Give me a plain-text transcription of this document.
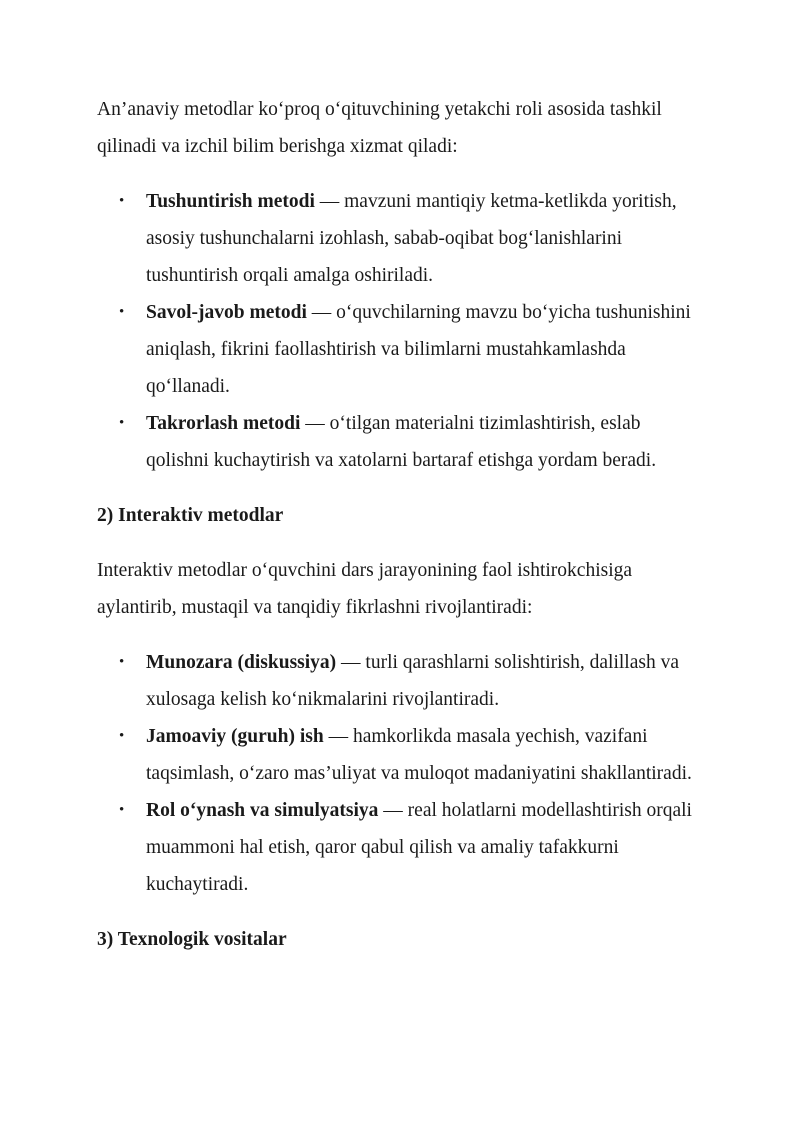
An’anaviy metodlar ko‘proq o‘qituvchining yetakchi roli asosida tashkil qilinadi va izchil bilim berishga xizmat qiladi:

• Tushuntirish metodi — mavzuni mantiqiy ketma-ketlikda yoritish, asosiy tushunchalarni izohlash, sabab-oqibat bog‘lanishlarini tushuntirish orqali amalga oshiriladi.
• Savol-javob metodi — o‘quvchilarning mavzu bo‘yicha tushunishini aniqlash, fikrini faollashtirish va bilimlarni mustahkamlashda qo‘llanadi.
• Takrorlash metodi — o‘tilgan materialni tizimlashtirish, eslab qolishni kuchaytirish va xatolarni bartaraf etishga yordam beradi.
2) Interaktiv metodlar

Interaktiv metodlar o‘quvchini dars jarayonining faol ishtirokchisiga aylantirib, mustaqil va tanqidiy fikrlashni rivojlantiradi:

• Munozara (diskussiya) — turli qarashlarni solishtirish, dalillash va xulosaga kelish ko‘nikmalarini rivojlantiradi.
• Jamoaviy (guruh) ish — hamkorlikda masala yechish, vazifani taqsimlash, o‘zaro mas’uliyat va muloqot madaniyatini shakllantiradi.
• Rol o‘ynash va simulyatsiya — real holatlarni modellashtirish orqali muammoni hal etish, qaror qabul qilish va amaliy tafakkurni kuchaytiradi.
3) Texnologik vositalar
